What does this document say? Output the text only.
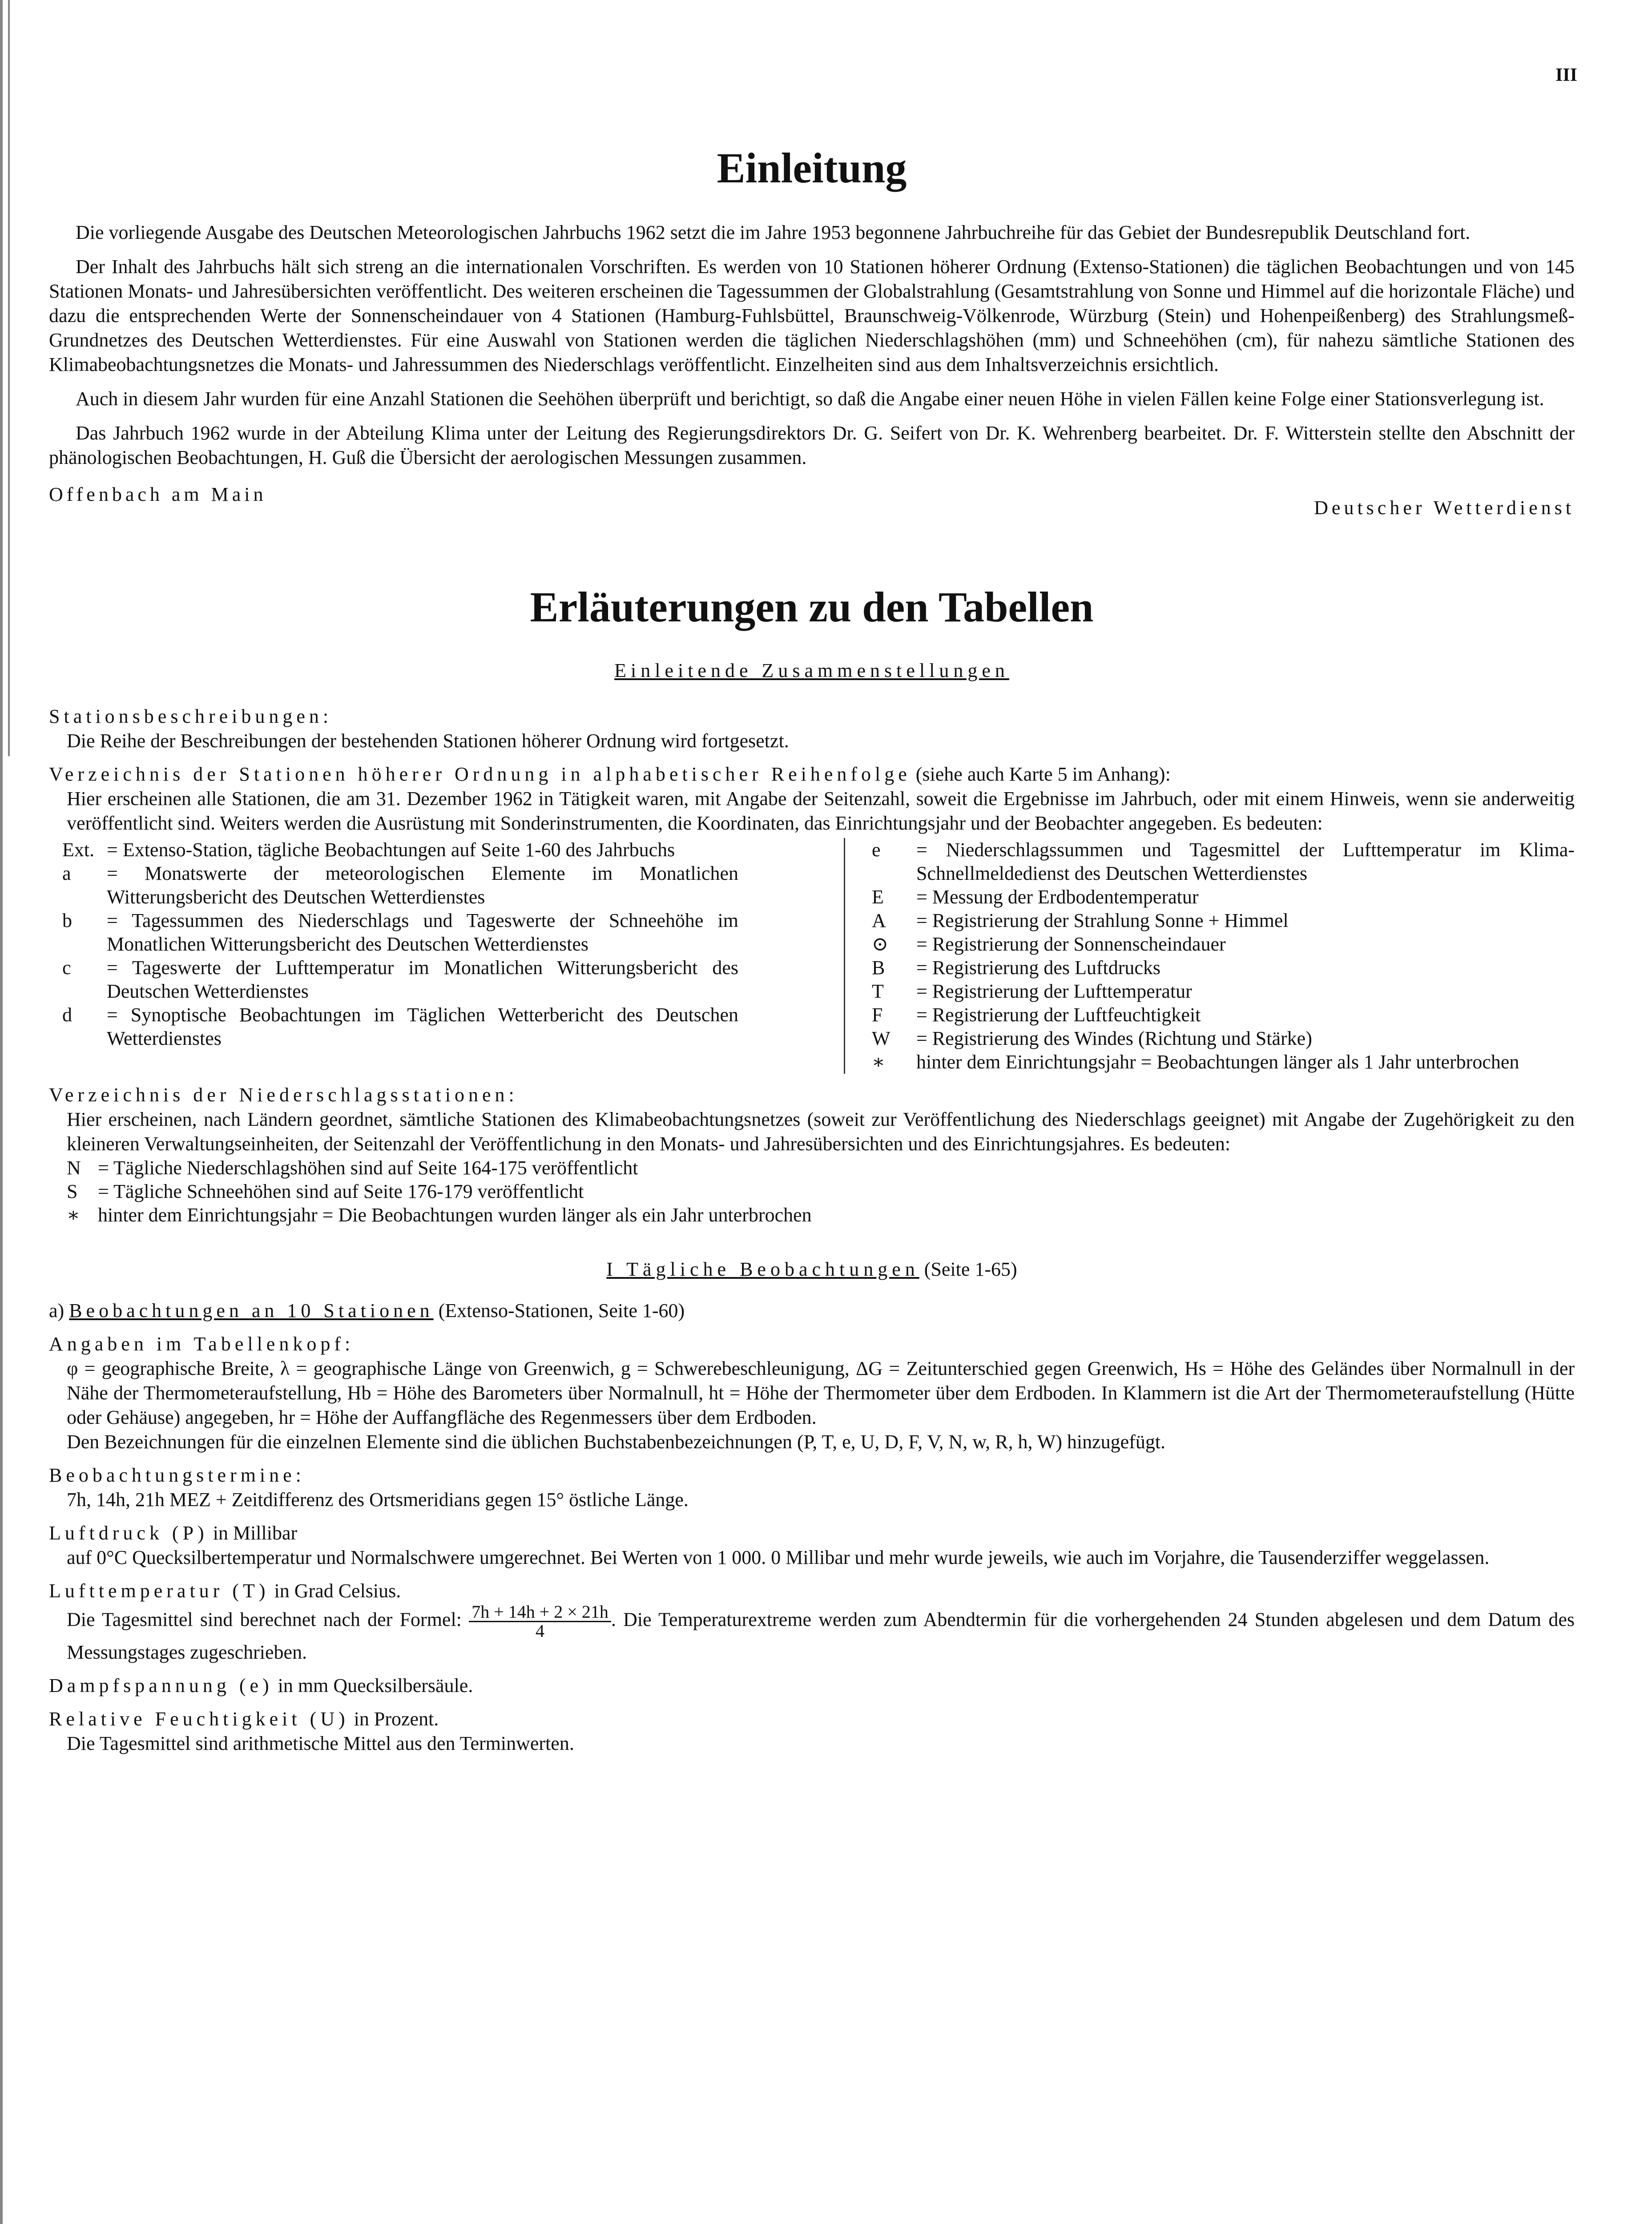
III
Einleitung

Die vorliegende Ausgabe des Deutschen Meteorologischen Jahrbuchs 1962 setzt die im Jahre 1953 begonnene Jahrbuchreihe für das Gebiet der Bundesrepublik Deutschland fort.

Der Inhalt des Jahrbuchs hält sich streng an die internationalen Vorschriften. Es werden von 10 Stationen höherer Ordnung (Extenso-Stationen) die täglichen Beobachtungen und von 145 Stationen Monats- und Jahresübersichten veröffentlicht. Des weiteren erscheinen die Tagessummen der Globalstrahlung (Gesamtstrahlung von Sonne und Himmel auf die horizontale Fläche) und dazu die entsprechenden Werte der Sonnenscheindauer von 4 Stationen (Hamburg-Fuhlsbüttel, Braunschweig-Völkenrode, Würzburg (Stein) und Hohenpeißenberg) des Strahlungsmeß-Grundnetzes des Deutschen Wetterdienstes. Für eine Auswahl von Stationen werden die täglichen Niederschlagshöhen (mm) und Schneehöhen (cm), für nahezu sämtliche Stationen des Klimabeobachtungsnetzes die Monats- und Jahressummen des Niederschlags veröffentlicht. Einzelheiten sind aus dem Inhaltsverzeichnis ersichtlich.

Auch in diesem Jahr wurden für eine Anzahl Stationen die Seehöhen überprüft und berichtigt, so daß die Angabe einer neuen Höhe in vielen Fällen keine Folge einer Stationsverlegung ist.

Das Jahrbuch 1962 wurde in der Abteilung Klima unter der Leitung des Regierungsdirektors Dr. G. Seifert von Dr. K. Wehrenberg bearbeitet. Dr. F. Witterstein stellte den Abschnitt der phänologischen Beobachtungen, H. Guß die Übersicht der aerologischen Messungen zusammen.

Offenbach am Main
Deutscher Wetterdienst
Erläuterungen zu den Tabellen
Einleitende Zusammenstellungen

Stationsbeschreibungen:

Die Reihe der Beschreibungen der bestehenden Stationen höherer Ordnung wird fortgesetzt.

Verzeichnis der Stationen höherer Ordnung in alphabetischer Reihenfolge (siehe auch Karte 5 im Anhang):

Hier erscheinen alle Stationen, die am 31. Dezember 1962 in Tätigkeit waren, mit Angabe der Seitenzahl, soweit die Ergebnisse im Jahrbuch, oder mit einem Hinweis, wenn sie anderweitig veröffentlicht sind. Weiters werden die Ausrüstung mit Sonderinstrumenten, die Koordinaten, das Einrichtungsjahr und der Beobachter angegeben. Es bedeuten:

Ext. = Extenso-Station, tägliche Beobachtungen auf Seite 1-60 des Jahrbuchs
a	= Monatswerte der meteorologischen Elemente im Monatlichen Witterungsbericht des Deutschen Wetterdienstes
b	= Tagessummen des Niederschlags und Tageswerte der Schneehöhe im Monatlichen Witterungsbericht des Deutschen Wetterdienstes
c	= Tageswerte der Lufttemperatur im Monatlichen Witterungsbericht des Deutschen Wetterdienstes
d	= Synoptische Beobachtungen im Täglichen Wetterbericht des Deutschen Wetterdienstes
e	= Niederschlagssummen und Tagesmittel der Lufttemperatur im Klima-Schnellmeldedienst des Deutschen Wetterdienstes
E	= Messung der Erdbodentemperatur
A	= Registrierung der Strahlung Sonne + Himmel
⊙	= Registrierung der Sonnenscheindauer
B	= Registrierung des Luftdrucks
T	= Registrierung der Lufttemperatur
F	= Registrierung der Luftfeuchtigkeit
W	= Registrierung des Windes (Richtung und Stärke)
∗	hinter dem Einrichtungsjahr = Beobachtungen länger als 1 Jahr unterbrochen

Verzeichnis der Niederschlagsstationen:

Hier erscheinen, nach Ländern geordnet, sämtliche Stationen des Klimabeobachtungsnetzes (soweit zur Veröffentlichung des Niederschlags geeignet) mit Angabe der Zugehörigkeit zu den kleineren Verwaltungseinheiten, der Seitenzahl der Veröffentlichung in den Monats- und Jahresübersichten und des Einrichtungsjahres. Es bedeuten:

N = Tägliche Niederschlagshöhen sind auf Seite 164-175 veröffentlicht
S	= Tägliche Schneehöhen sind auf Seite 176-179 veröffentlicht
∗ hinter dem Einrichtungsjahr = Die Beobachtungen wurden länger als ein Jahr unterbrochen
I Tägliche Beobachtungen (Seite 1-65)

a) Beobachtungen an 10 Stationen (Extenso-Stationen, Seite 1-60)

Angaben im Tabellenkopf:

φ = geographische Breite, λ = geographische Länge von Greenwich, g = Schwerebeschleunigung, ΔG = Zeitunterschied gegen Greenwich, Hs = Höhe des Geländes über Normalnull in der Nähe der Thermometeraufstellung, Hb = Höhe des Barometers über Normalnull, ht = Höhe der Thermometer über dem Erdboden. In Klammern ist die Art der Thermometeraufstellung (Hütte oder Gehäuse) angegeben, hr = Höhe der Auffangfläche des Regenmessers über dem Erdboden.

Den Bezeichnungen für die einzelnen Elemente sind die üblichen Buchstabenbezeichnungen (P, T, e, U, D, F, V, N, w, R, h, W) hinzugefügt.

Beobachtungstermine:

7h, 14h, 21h MEZ + Zeitdifferenz des Ortsmeridians gegen 15° östliche Länge.

Luftdruck (P) in Millibar

auf 0°C Quecksilbertemperatur und Normalschwere umgerechnet. Bei Werten von 1 000. 0 Millibar und mehr wurde jeweils, wie auch im Vorjahre, die Tausenderziffer weggelassen.

Lufttemperatur (T) in Grad Celsius.

Die Tagesmittel sind berechnet nach der Formel: $\frac{7h + 14h + 2 \times 21h}{4}$ . Die Temperaturextreme werden zum Abendtermin für die vorhergehenden 24 Stunden abgelesen und dem Datum des Messungstages zugeschrieben.

Dampfspannung (e) in mm Quecksilbersäule.

Relative Feuchtigkeit (U) in Prozent.

Die Tagesmittel sind arithmetische Mittel aus den Terminwerten.
